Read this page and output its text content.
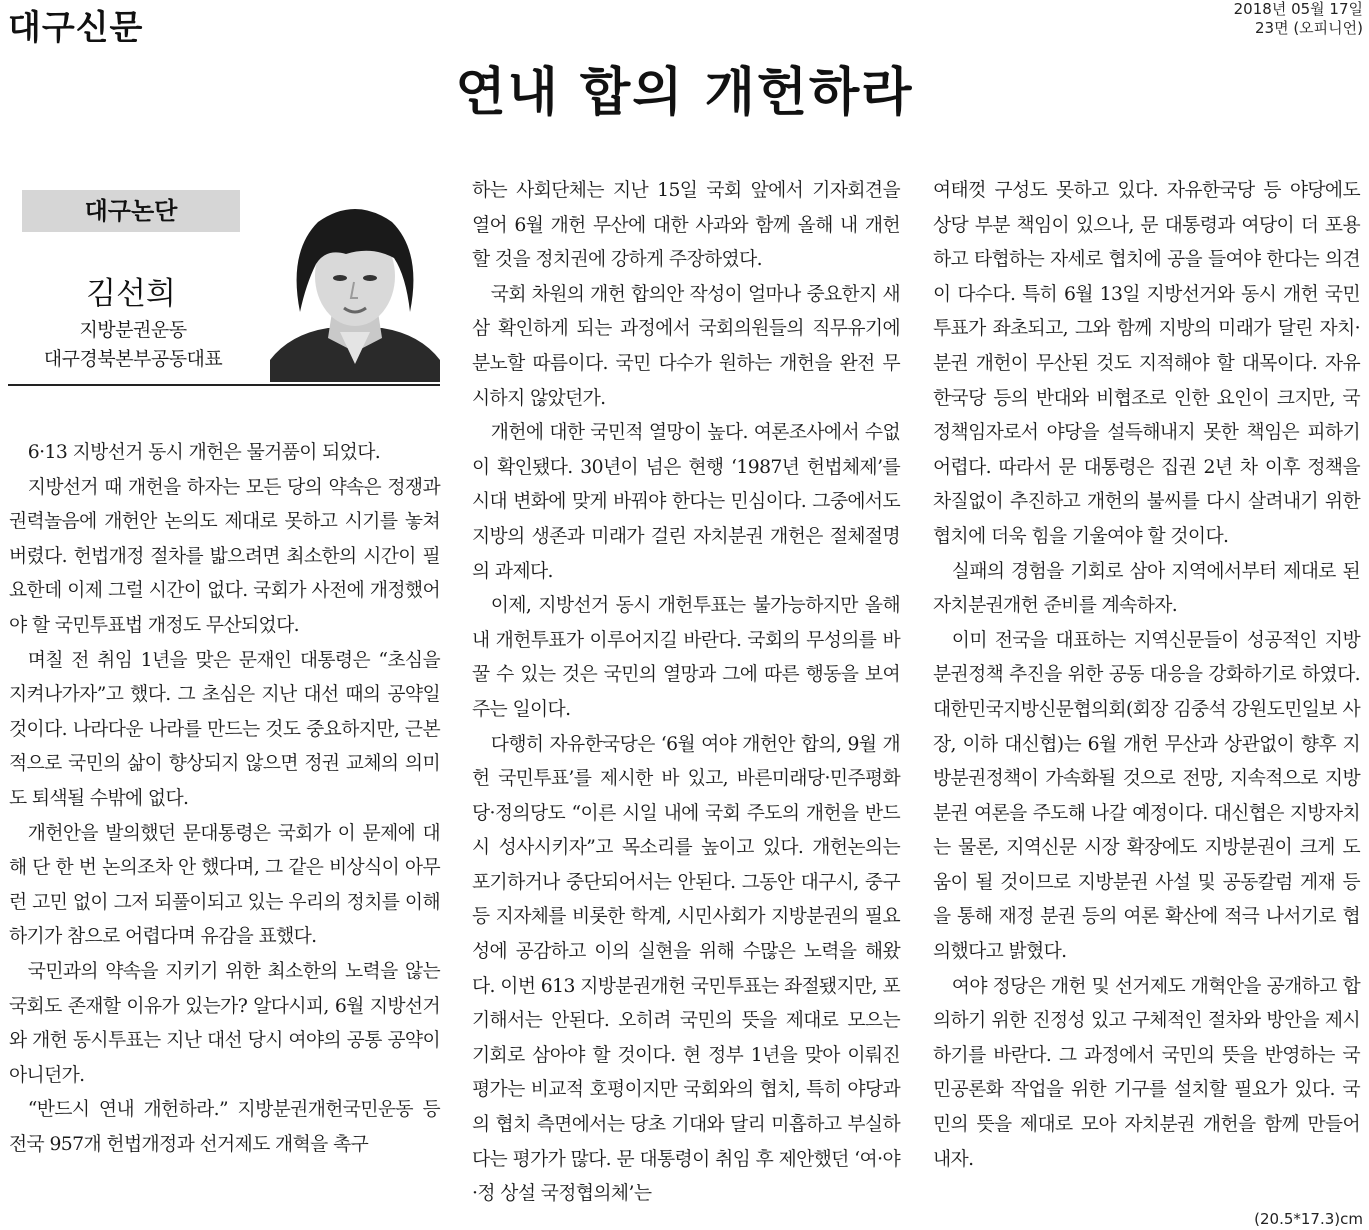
대구신문	2018년 05월 17일
23면 (오피니언)
연내 합의 개헌하라
대구논단
김선희
지방분권운동
대구경북본부공동대표

6·13 지방선거 동시 개헌은 물거품이 되었다.

지방선거 때 개헌을 하자는 모든 당의 약속은 정쟁과 권력놀음에 개헌안 논의도 제대로 못하고 시기를 놓쳐 버렸다. 헌법개정 절차를 밟으려면 최소한의 시간이 필요한데 이제 그럴 시간이 없다. 국회가 사전에 개정했어야 할 국민투표법 개정도 무산되었다.

며칠 전 취임 1년을 맞은 문재인 대통령은 “초심을 지켜나가자”고 했다. 그 초심은 지난 대선 때의 공약일 것이다. 나라다운 나라를 만드는 것도 중요하지만, 근본적으로 국민의 삶이 향상되지 않으면 정권 교체의 의미도 퇴색될 수밖에 없다.

개헌안을 발의했던 문대통령은 국회가 이 문제에 대해 단 한 번 논의조차 안 했다며, 그 같은 비상식이 아무런 고민 없이 그저 되풀이되고 있는 우리의 정치를 이해하기가 참으로 어렵다며 유감을 표했다.

국민과의 약속을 지키기 위한 최소한의 노력을 않는 국회도 존재할 이유가 있는가? 알다시피, 6월 지방선거와 개헌 동시투표는 지난 대선 당시 여야의 공통 공약이 아니던가.

“반드시 연내 개헌하라.” 지방분권개헌국민운동 등 전국 957개 헌법개정과 선거제도 개혁을 촉구

하는 사회단체는 지난 15일 국회 앞에서 기자회견을 열어 6월 개헌 무산에 대한 사과와 함께 올해 내 개헌할 것을 정치권에 강하게 주장하였다.

국회 차원의 개헌 합의안 작성이 얼마나 중요한지 새삼 확인하게 되는 과정에서 국회의원들의 직무유기에 분노할 따름이다. 국민 다수가 원하는 개헌을 완전 무시하지 않았던가.

개헌에 대한 국민적 열망이 높다. 여론조사에서 수없이 확인됐다. 30년이 넘은 현행 ‘1987년 헌법체제’를 시대 변화에 맞게 바꿔야 한다는 민심이다. 그중에서도 지방의 생존과 미래가 걸린 자치분권 개헌은 절체절명의 과제다.

이제, 지방선거 동시 개헌투표는 불가능하지만 올해 내 개헌투표가 이루어지길 바란다. 국회의 무성의를 바꿀 수 있는 것은 국민의 열망과 그에 따른 행동을 보여주는 일이다.

다행히 자유한국당은 ‘6월 여야 개헌안 합의, 9월 개헌 국민투표’를 제시한 바 있고, 바른미래당·민주평화당·정의당도 “이른 시일 내에 국회 주도의 개헌을 반드시 성사시키자”고 목소리를 높이고 있다. 개헌논의는 포기하거나 중단되어서는 안된다. 그동안 대구시, 중구 등 지자체를 비롯한 학계, 시민사회가 지방분권의 필요성에 공감하고 이의 실현을 위해 수많은 노력을 해왔다. 이번 613 지방분권개헌 국민투표는 좌절됐지만, 포기해서는 안된다. 오히려 국민의 뜻을 제대로 모으는 기회로 삼아야 할 것이다. 현 정부 1년을 맞아 이뤄진 평가는 비교적 호평이지만 국회와의 협치, 특히 야당과의 협치 측면에서는 당초 기대와 달리 미흡하고 부실하다는 평가가 많다. 문 대통령이 취임 후 제안했던 ‘여·야·정 상설 국정협의체’는

여태껏 구성도 못하고 있다. 자유한국당 등 야당에도 상당 부분 책임이 있으나, 문 대통령과 여당이 더 포용하고 타협하는 자세로 협치에 공을 들여야 한다는 의견이 다수다. 특히 6월 13일 지방선거와 동시 개헌 국민투표가 좌초되고, 그와 함께 지방의 미래가 달린 자치·분권 개헌이 무산된 것도 지적해야 할 대목이다. 자유한국당 등의 반대와 비협조로 인한 요인이 크지만, 국정책임자로서 야당을 설득해내지 못한 책임은 피하기 어렵다. 따라서 문 대통령은 집권 2년 차 이후 정책을 차질없이 추진하고 개헌의 불씨를 다시 살려내기 위한 협치에 더욱 힘을 기울여야 할 것이다.

실패의 경험을 기회로 삼아 지역에서부터 제대로 된 자치분권개헌 준비를 계속하자.

이미 전국을 대표하는 지역신문들이 성공적인 지방분권정책 추진을 위한 공동 대응을 강화하기로 하였다. 대한민국지방신문협의회(회장 김중석 강원도민일보 사장, 이하 대신협)는 6월 개헌 무산과 상관없이 향후 지방분권정책이 가속화될 것으로 전망, 지속적으로 지방분권 여론을 주도해 나갈 예정이다. 대신협은 지방자치는 물론, 지역신문 시장 확장에도 지방분권이 크게 도움이 될 것이므로 지방분권 사설 및 공동칼럼 게재 등을 통해 재정 분권 등의 여론 확산에 적극 나서기로 협의했다고 밝혔다.

여야 정당은 개헌 및 선거제도 개혁안을 공개하고 합의하기 위한 진정성 있고 구체적인 절차와 방안을 제시하기를 바란다. 그 과정에서 국민의 뜻을 반영하는 국민공론화 작업을 위한 기구를 설치할 필요가 있다. 국민의 뜻을 제대로 모아 자치분권 개헌을 함께 만들어 내자.

(20.5*17.3)cm
